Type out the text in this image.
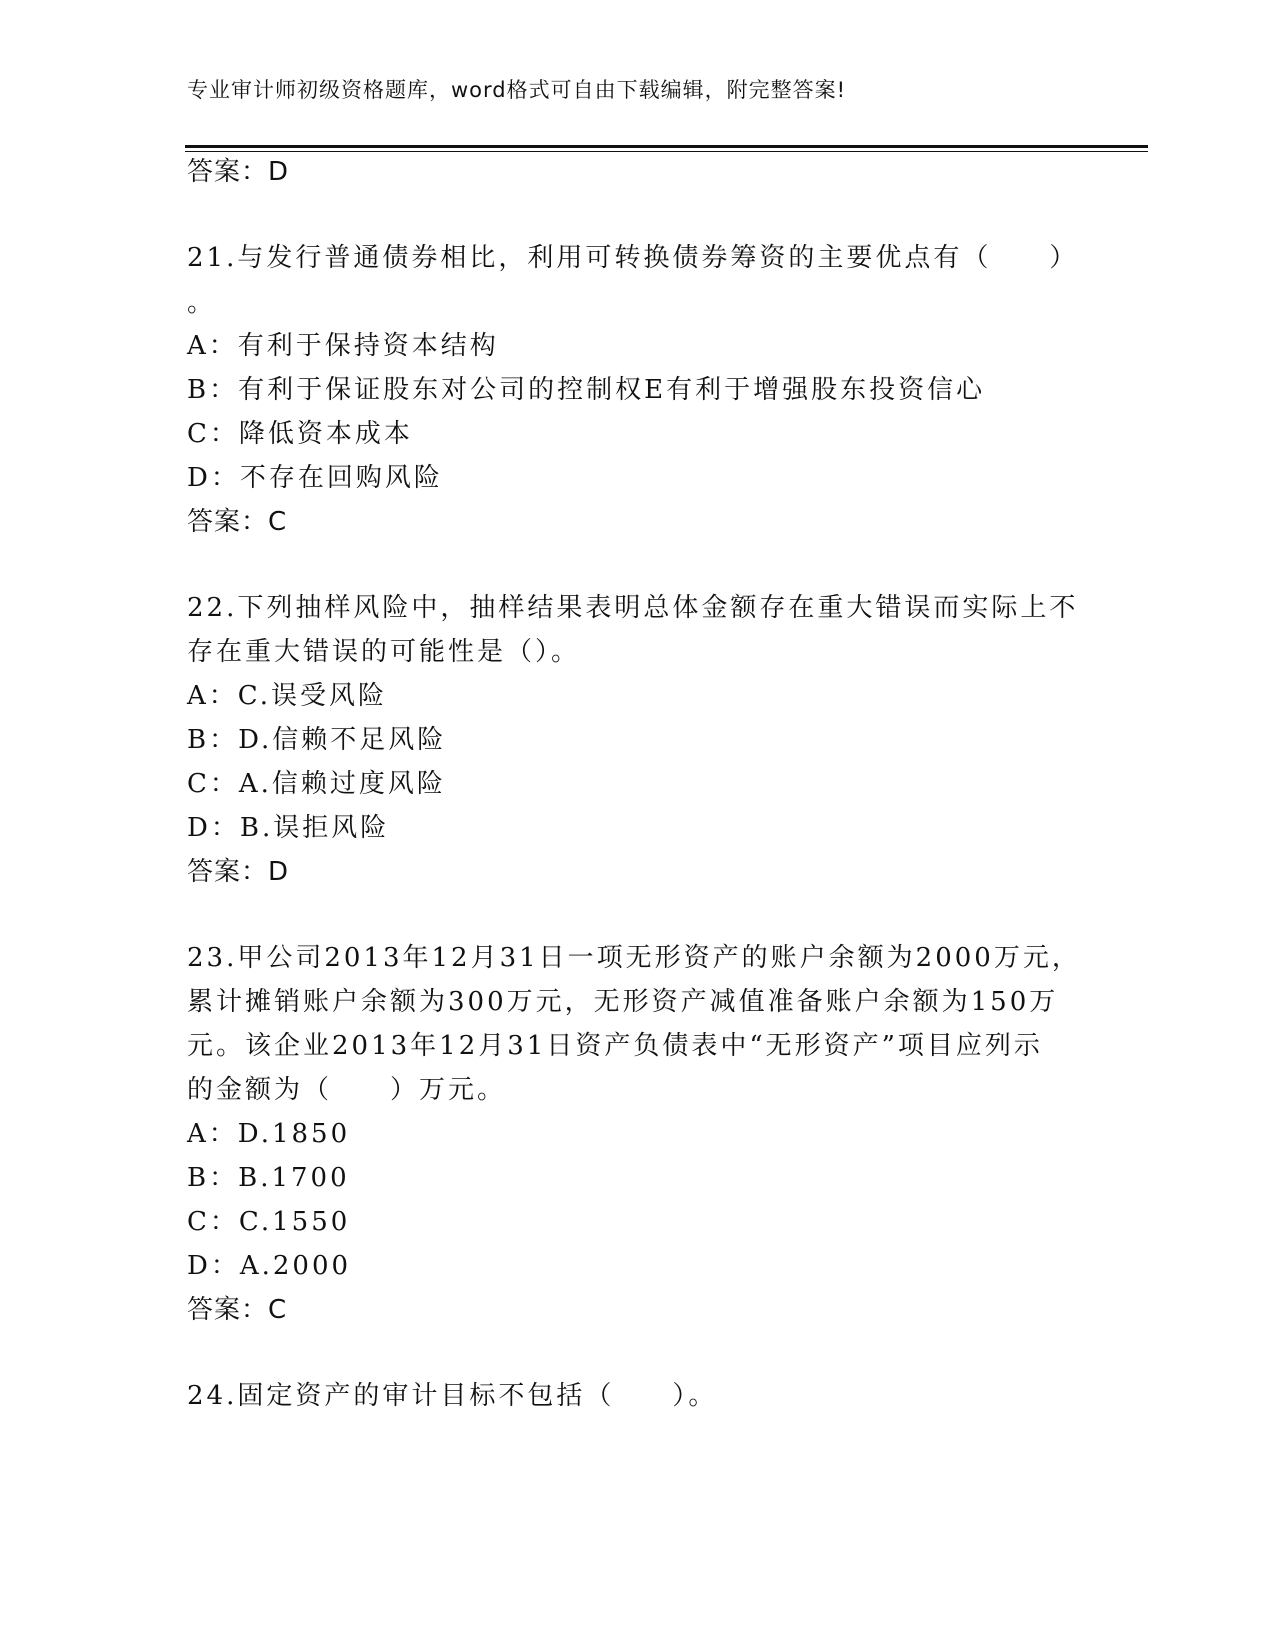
专业审计师初级资格题库，word格式可自由下载编辑，附完整答案!
答案：D
21.与发行普通债券相比，利用可转换债券筹资的主要优点有（　　）
。
A：有利于保持资本结构
B：有利于保证股东对公司的控制权E有利于增强股东投资信心
C：降低资本成本
D：不存在回购风险
答案：C
22.下列抽样风险中，抽样结果表明总体金额存在重大错误而实际上不
存在重大错误的可能性是（）。
A：C.误受风险
B：D.信赖不足风险
C：A.信赖过度风险
D：B.误拒风险
答案：D
23.甲公司2013年12月31日一项无形资产的账户余额为2000万元，
累计摊销账户余额为300万元，无形资产减值准备账户余额为150万
元。该企业2013年12月31日资产负债表中“无形资产”项目应列示
的金额为（　　）万元。
A：D.1850
B：B.1700
C：C.1550
D：A.2000
答案：C
24.固定资产的审计目标不包括（　　）。
